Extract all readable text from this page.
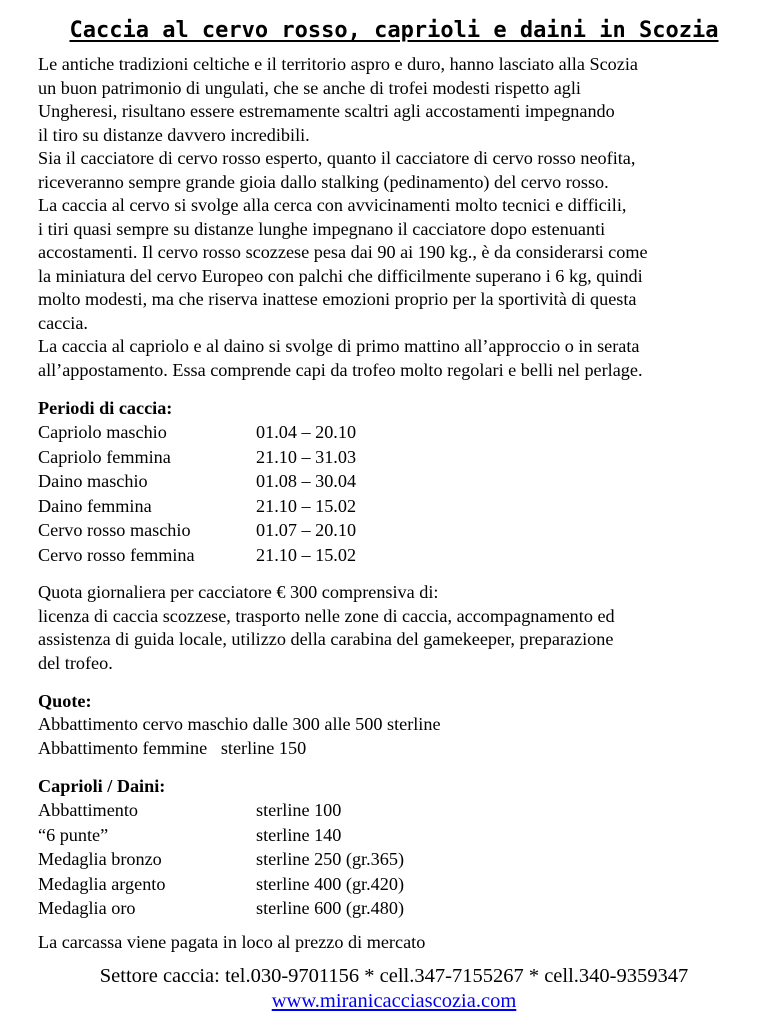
Caccia al cervo rosso, caprioli e daini in Scozia
Le antiche tradizioni celtiche e il territorio aspro e duro, hanno lasciato alla Scozia
un buon patrimonio di ungulati, che se anche di trofei modesti rispetto agli
Ungheresi, risultano essere estremamente scaltri agli accostamenti impegnando
il tiro su distanze davvero incredibili.
Sia il cacciatore di cervo rosso esperto, quanto il cacciatore di cervo rosso neofita,
riceveranno sempre grande gioia dallo stalking (pedinamento) del cervo rosso.
La caccia al cervo si svolge alla cerca con avvicinamenti molto tecnici e difficili,
i tiri quasi sempre su distanze lunghe impegnano il cacciatore dopo estenuanti
accostamenti. Il cervo rosso scozzese pesa dai 90 ai 190 kg., è da considerarsi come
la miniatura del cervo Europeo con palchi che difficilmente superano i 6 kg, quindi
molto modesti, ma che riserva inattese emozioni proprio per la sportività di questa
caccia.
La caccia al capriolo e al daino si svolge di primo mattino all’approccio o in serata
all’appostamento. Essa comprende capi da trofeo molto regolari e belli nel perlage.
Periodi di caccia:
Capriolo maschio	01.04 – 20.10
Capriolo femmina	21.10 – 31.03
Daino maschio	01.08 – 30.04
Daino femmina	21.10 – 15.02
Cervo rosso maschio	01.07 – 20.10
Cervo rosso femmina	21.10 – 15.02
Quota giornaliera per cacciatore € 300 comprensiva di:
licenza di caccia scozzese, trasporto nelle zone di caccia, accompagnamento ed
assistenza di guida locale, utilizzo della carabina del gamekeeper, preparazione
del trofeo.
Quote:
Abbattimento cervo maschio dalle 300 alle 500 sterline
Abbattimento femmine   sterline 150
Caprioli / Daini:
Abbattimento	sterline 100
“6 punte”	sterline 140
Medaglia bronzo	sterline 250 (gr.365)
Medaglia argento	sterline 400 (gr.420)
Medaglia oro	sterline 600 (gr.480)
La carcassa viene pagata in loco al prezzo di mercato
Settore caccia: tel.030-9701156 * cell.347-7155267 * cell.340-9359347
www.miranicacciascozia.com
